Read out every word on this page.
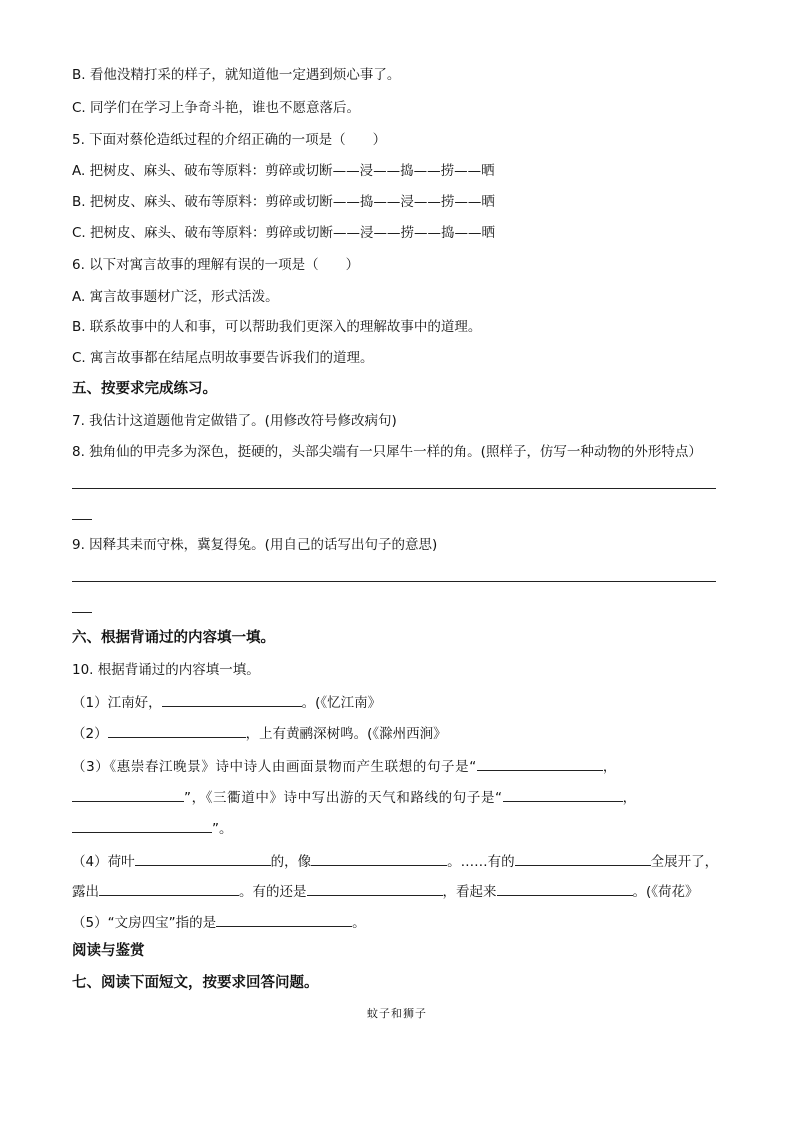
B. 看他没精打采的样子，就知道他一定遇到烦心事了。
C. 同学们在学习上争奇斗艳，谁也不愿意落后。
5. 下面对蔡伦造纸过程的介绍正确的一项是（　　）
A. 把树皮、麻头、破布等原料：剪碎或切断——浸——捣——捞——晒
B. 把树皮、麻头、破布等原料：剪碎或切断——捣——浸——捞——晒
C. 把树皮、麻头、破布等原料：剪碎或切断——浸——捞——捣——晒
6. 以下对寓言故事的理解有误的一项是（　　）
A. 寓言故事题材广泛，形式活泼。
B. 联系故事中的人和事，可以帮助我们更深入的理解故事中的道理。
C. 寓言故事都在结尾点明故事要告诉我们的道理。
五、按要求完成练习。
7. 我估计这道题他肯定做错了。(用修改符号修改病句)
8. 独角仙的甲壳多为深色，挺硬的，头部尖端有一只犀牛一样的角。(照样子，仿写一种动物的外形特点）
9. 因释其耒而守株，冀复得兔。(用自己的话写出句子的意思)
六、根据背诵过的内容填一填。
10. 根据背诵过的内容填一填。
（1）江南好，	。(《忆江南》
（2）	，上有黄鹂深树鸣。(《滁州西涧》
（3）《惠崇春江晚景》诗中诗人由画面景物而产生联想的句子是“	，
”，《三衢道中》诗中写出游的天气和路线的句子是“	，
”。
（4）荷叶	的，像	。……有的	全展开了，
露出	。有的还是	，看起来	。(《荷花》
（5）“文房四宝”指的是	。
阅读与鉴赏
七、阅读下面短文，按要求回答问题。
蚊子和狮子
